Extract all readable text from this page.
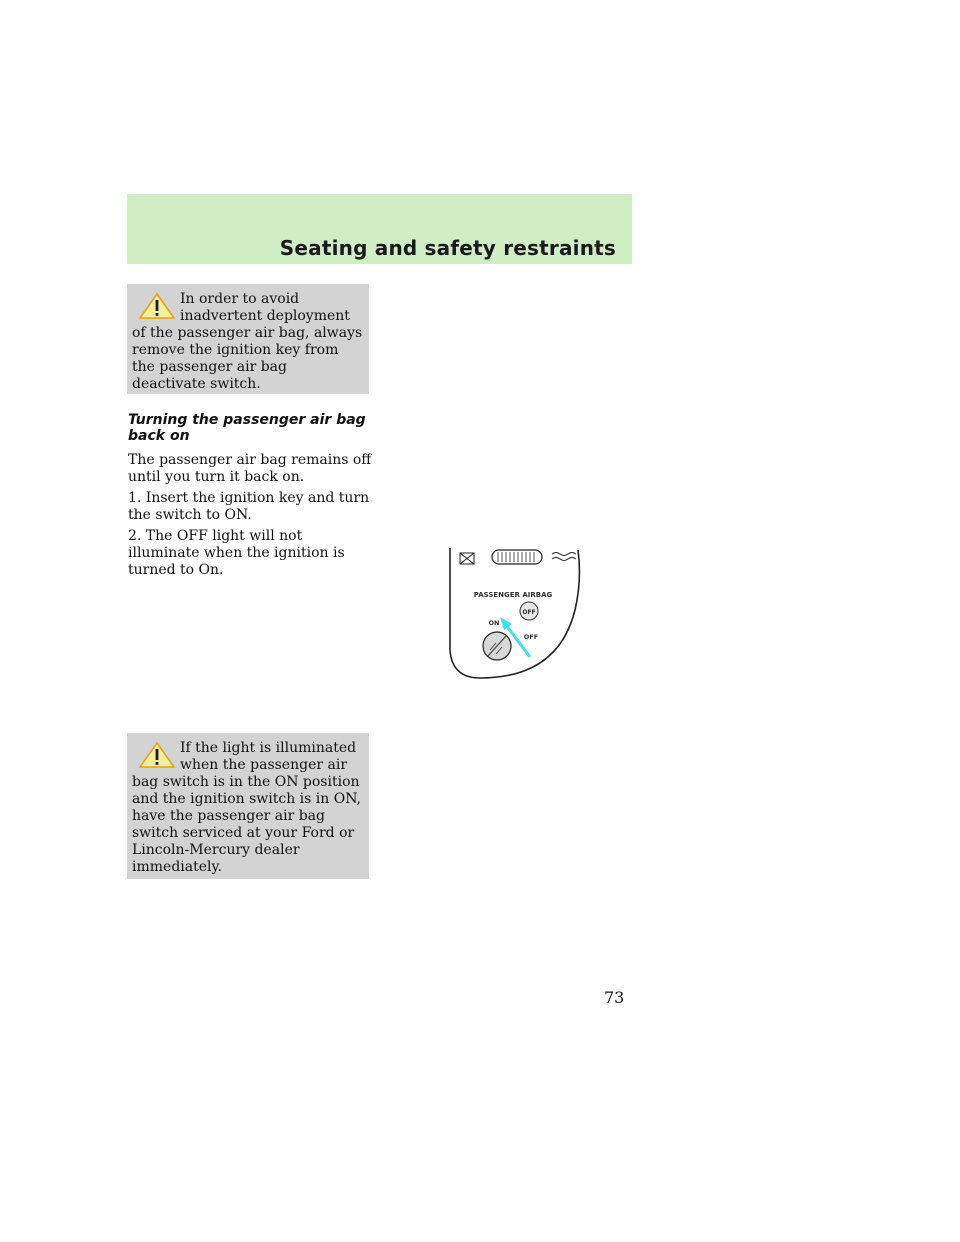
Seating and safety restraints
In order to avoid inadvertent deployment of the passenger air bag, always remove the ignition key from the passenger air bag deactivate switch.
Turning the passenger air bag back on
The passenger air bag remains off until you turn it back on.
1. Insert the ignition key and turn the switch to ON.
2. The OFF light will not illuminate when the ignition is turned to On.
PASSENGER AIRBAG
OFF
ON
OFF
If the light is illuminated when the passenger air bag switch is in the ON position and the ignition switch is in ON, have the passenger air bag switch serviced at your Ford or Lincoln-Mercury dealer immediately.
73
